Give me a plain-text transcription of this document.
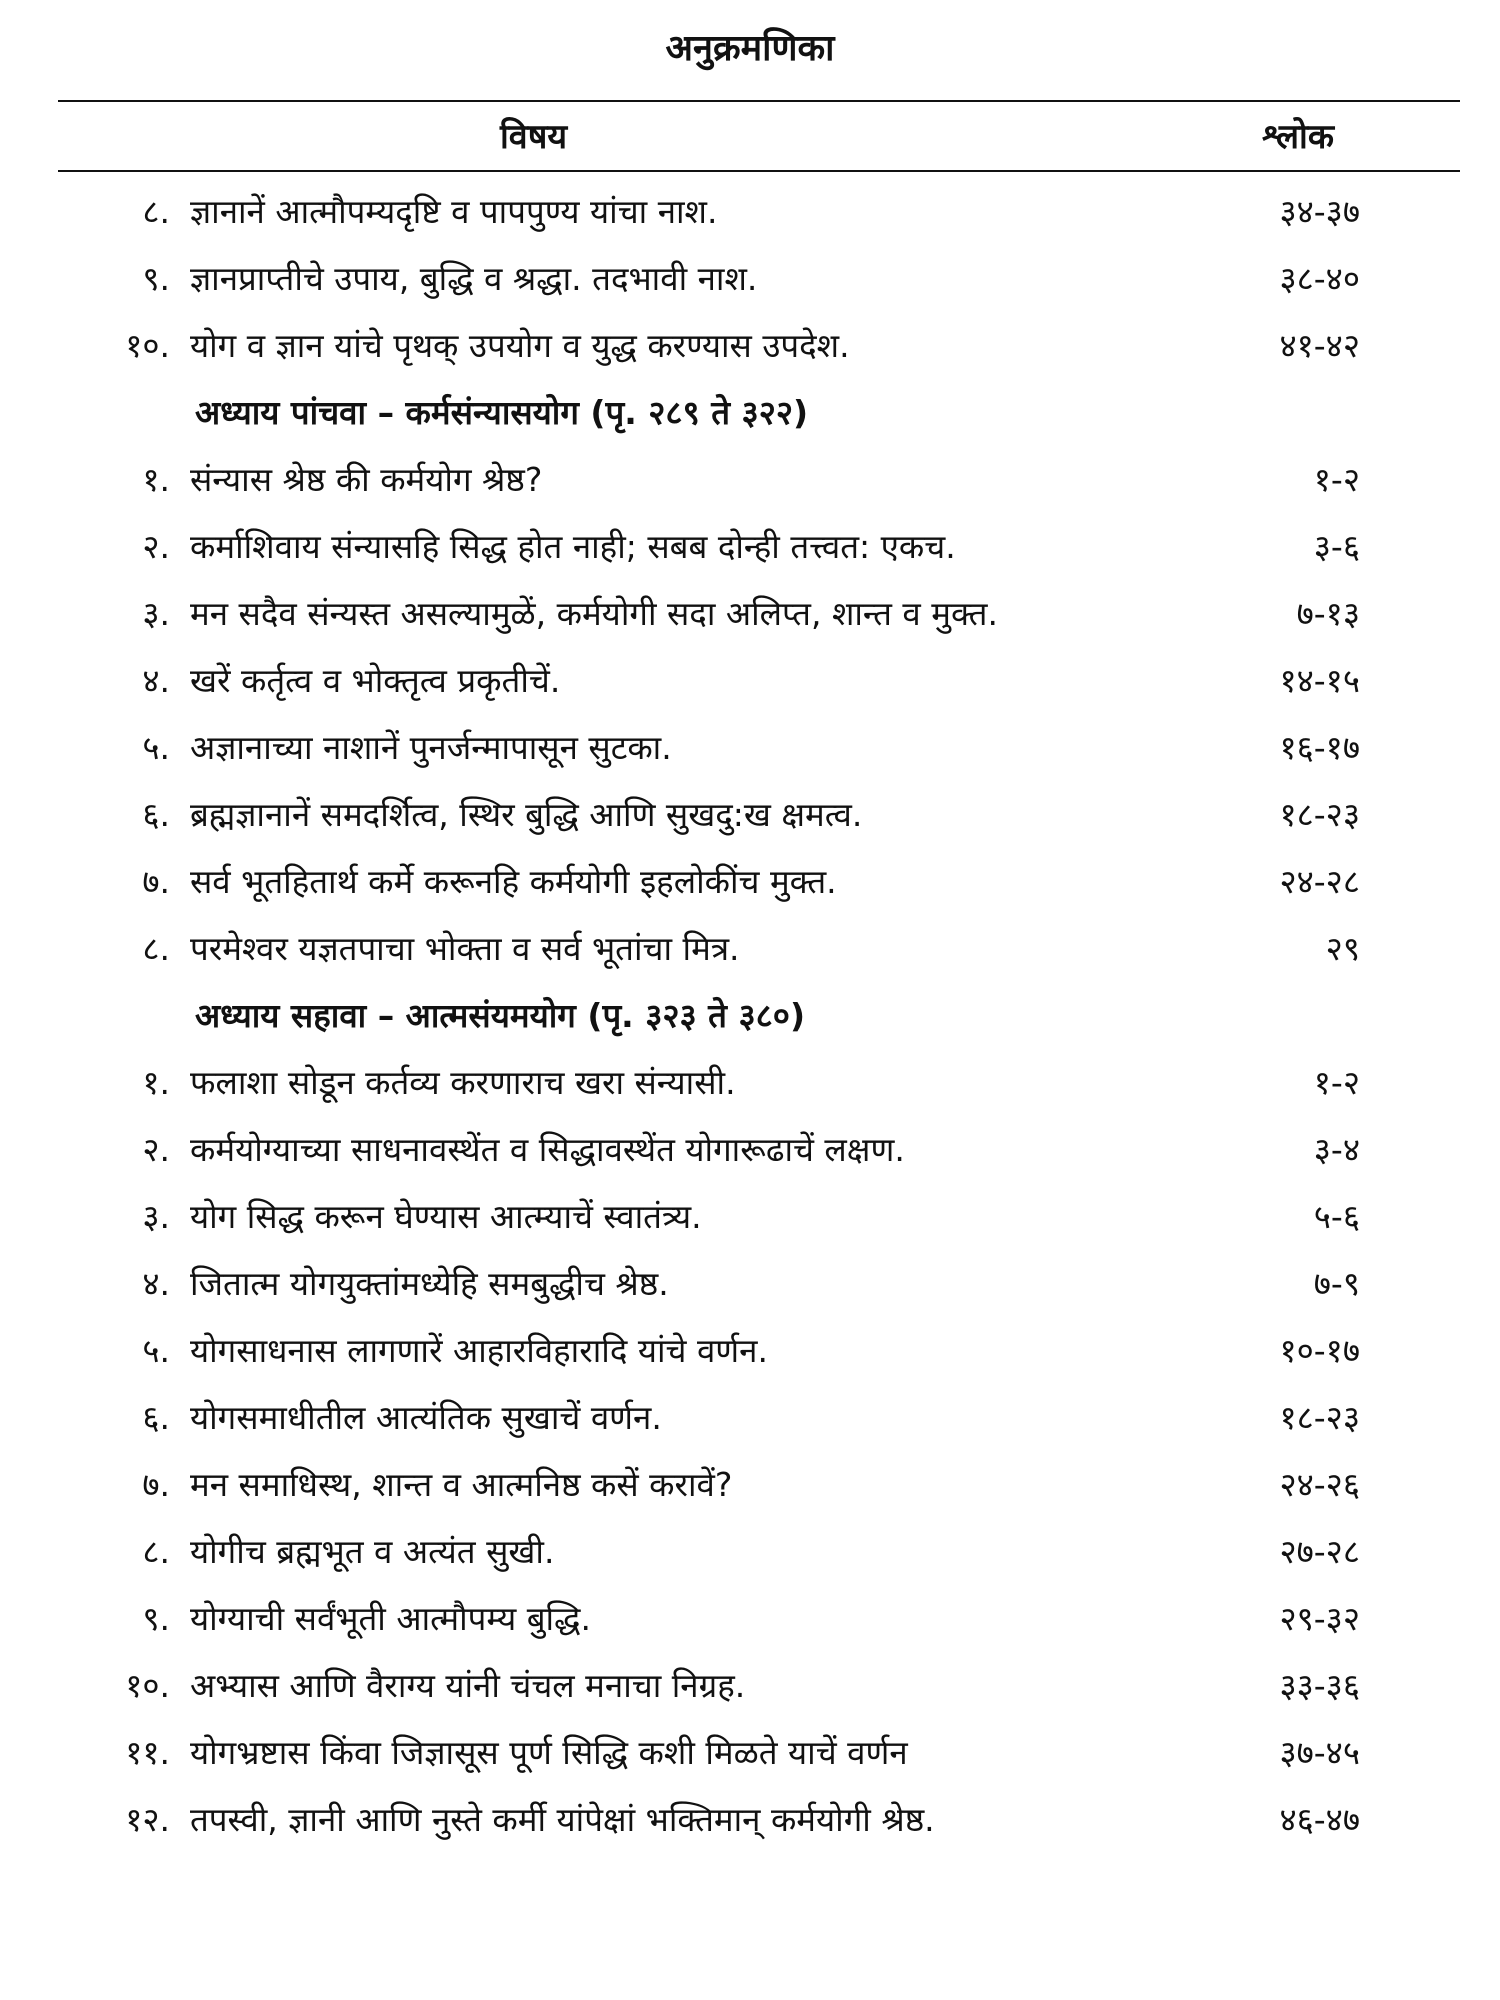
अनुक्रमणिका
विषय	श्लोक
८. ज्ञानानें आत्मौपम्यदृष्टि व पापपुण्य यांचा नाश.	३४-३७
९. ज्ञानप्राप्तीचे उपाय, बुद्धि व श्रद्धा. तदभावी नाश.	३८-४०
१०. योग व ज्ञान यांचे पृथक् उपयोग व युद्ध करण्यास उपदेश.	४१-४२
अध्याय पांचवा – कर्मसंन्यासयोग (पृ. २८९ ते ३२२)
१. संन्यास श्रेष्ठ की कर्मयोग श्रेष्ठ?	१-२
२. कर्माशिवाय संन्यासहि सिद्ध होत नाही; सबब दोन्ही तत्त्वत: एकच.	३-६
३. मन सदैव संन्यस्त असल्यामुळें, कर्मयोगी सदा अलिप्त, शान्त व मुक्त.	७-१३
४. खरें कर्तृत्व व भोक्तृत्व प्रकृतीचें.	१४-१५
५. अज्ञानाच्या नाशानें पुनर्जन्मापासून सुटका.	१६-१७
६. ब्रह्मज्ञानानें समदर्शित्व, स्थिर बुद्धि आणि सुखदु:ख क्षमत्व.	१८-२३
७. सर्व भूतहितार्थ कर्मे करूनहि कर्मयोगी इहलोकींच मुक्त.	२४-२८
८. परमेश्वर यज्ञतपाचा भोक्ता व सर्व भूतांचा मित्र.	२९
अध्याय सहावा – आत्मसंयमयोग (पृ. ३२३ ते ३८०)
१. फलाशा सोडून कर्तव्य करणाराच खरा संन्यासी.	१-२
२. कर्मयोग्याच्या साधनावस्थेंत व सिद्धावस्थेंत योगारूढाचें लक्षण.	३-४
३. योग सिद्ध करून घेण्यास आत्म्याचें स्वातंत्र्य.	५-६
४. जितात्म योगयुक्तांमध्येहि समबुद्धीच श्रेष्ठ.	७-९
५. योगसाधनास लागणारें आहारविहारादि यांचे वर्णन.	१०-१७
६. योगसमाधीतील आत्यंतिक सुखाचें वर्णन.	१८-२३
७. मन समाधिस्थ, शान्त व आत्मनिष्ठ कसें करावें?	२४-२६
८. योगीच ब्रह्मभूत व अत्यंत सुखी.	२७-२८
९. योग्याची सर्वंभूती आत्मौपम्य बुद्धि.	२९-३२
१०. अभ्यास आणि वैराग्य यांनी चंचल मनाचा निग्रह.	३३-३६
११. योगभ्रष्टास किंवा जिज्ञासूस पूर्ण सिद्धि कशी मिळते याचें वर्णन	३७-४५
१२. तपस्वी, ज्ञानी आणि नुस्ते कर्मी यांपेक्षां भक्तिमान् कर्मयोगी श्रेष्ठ.	४६-४७
